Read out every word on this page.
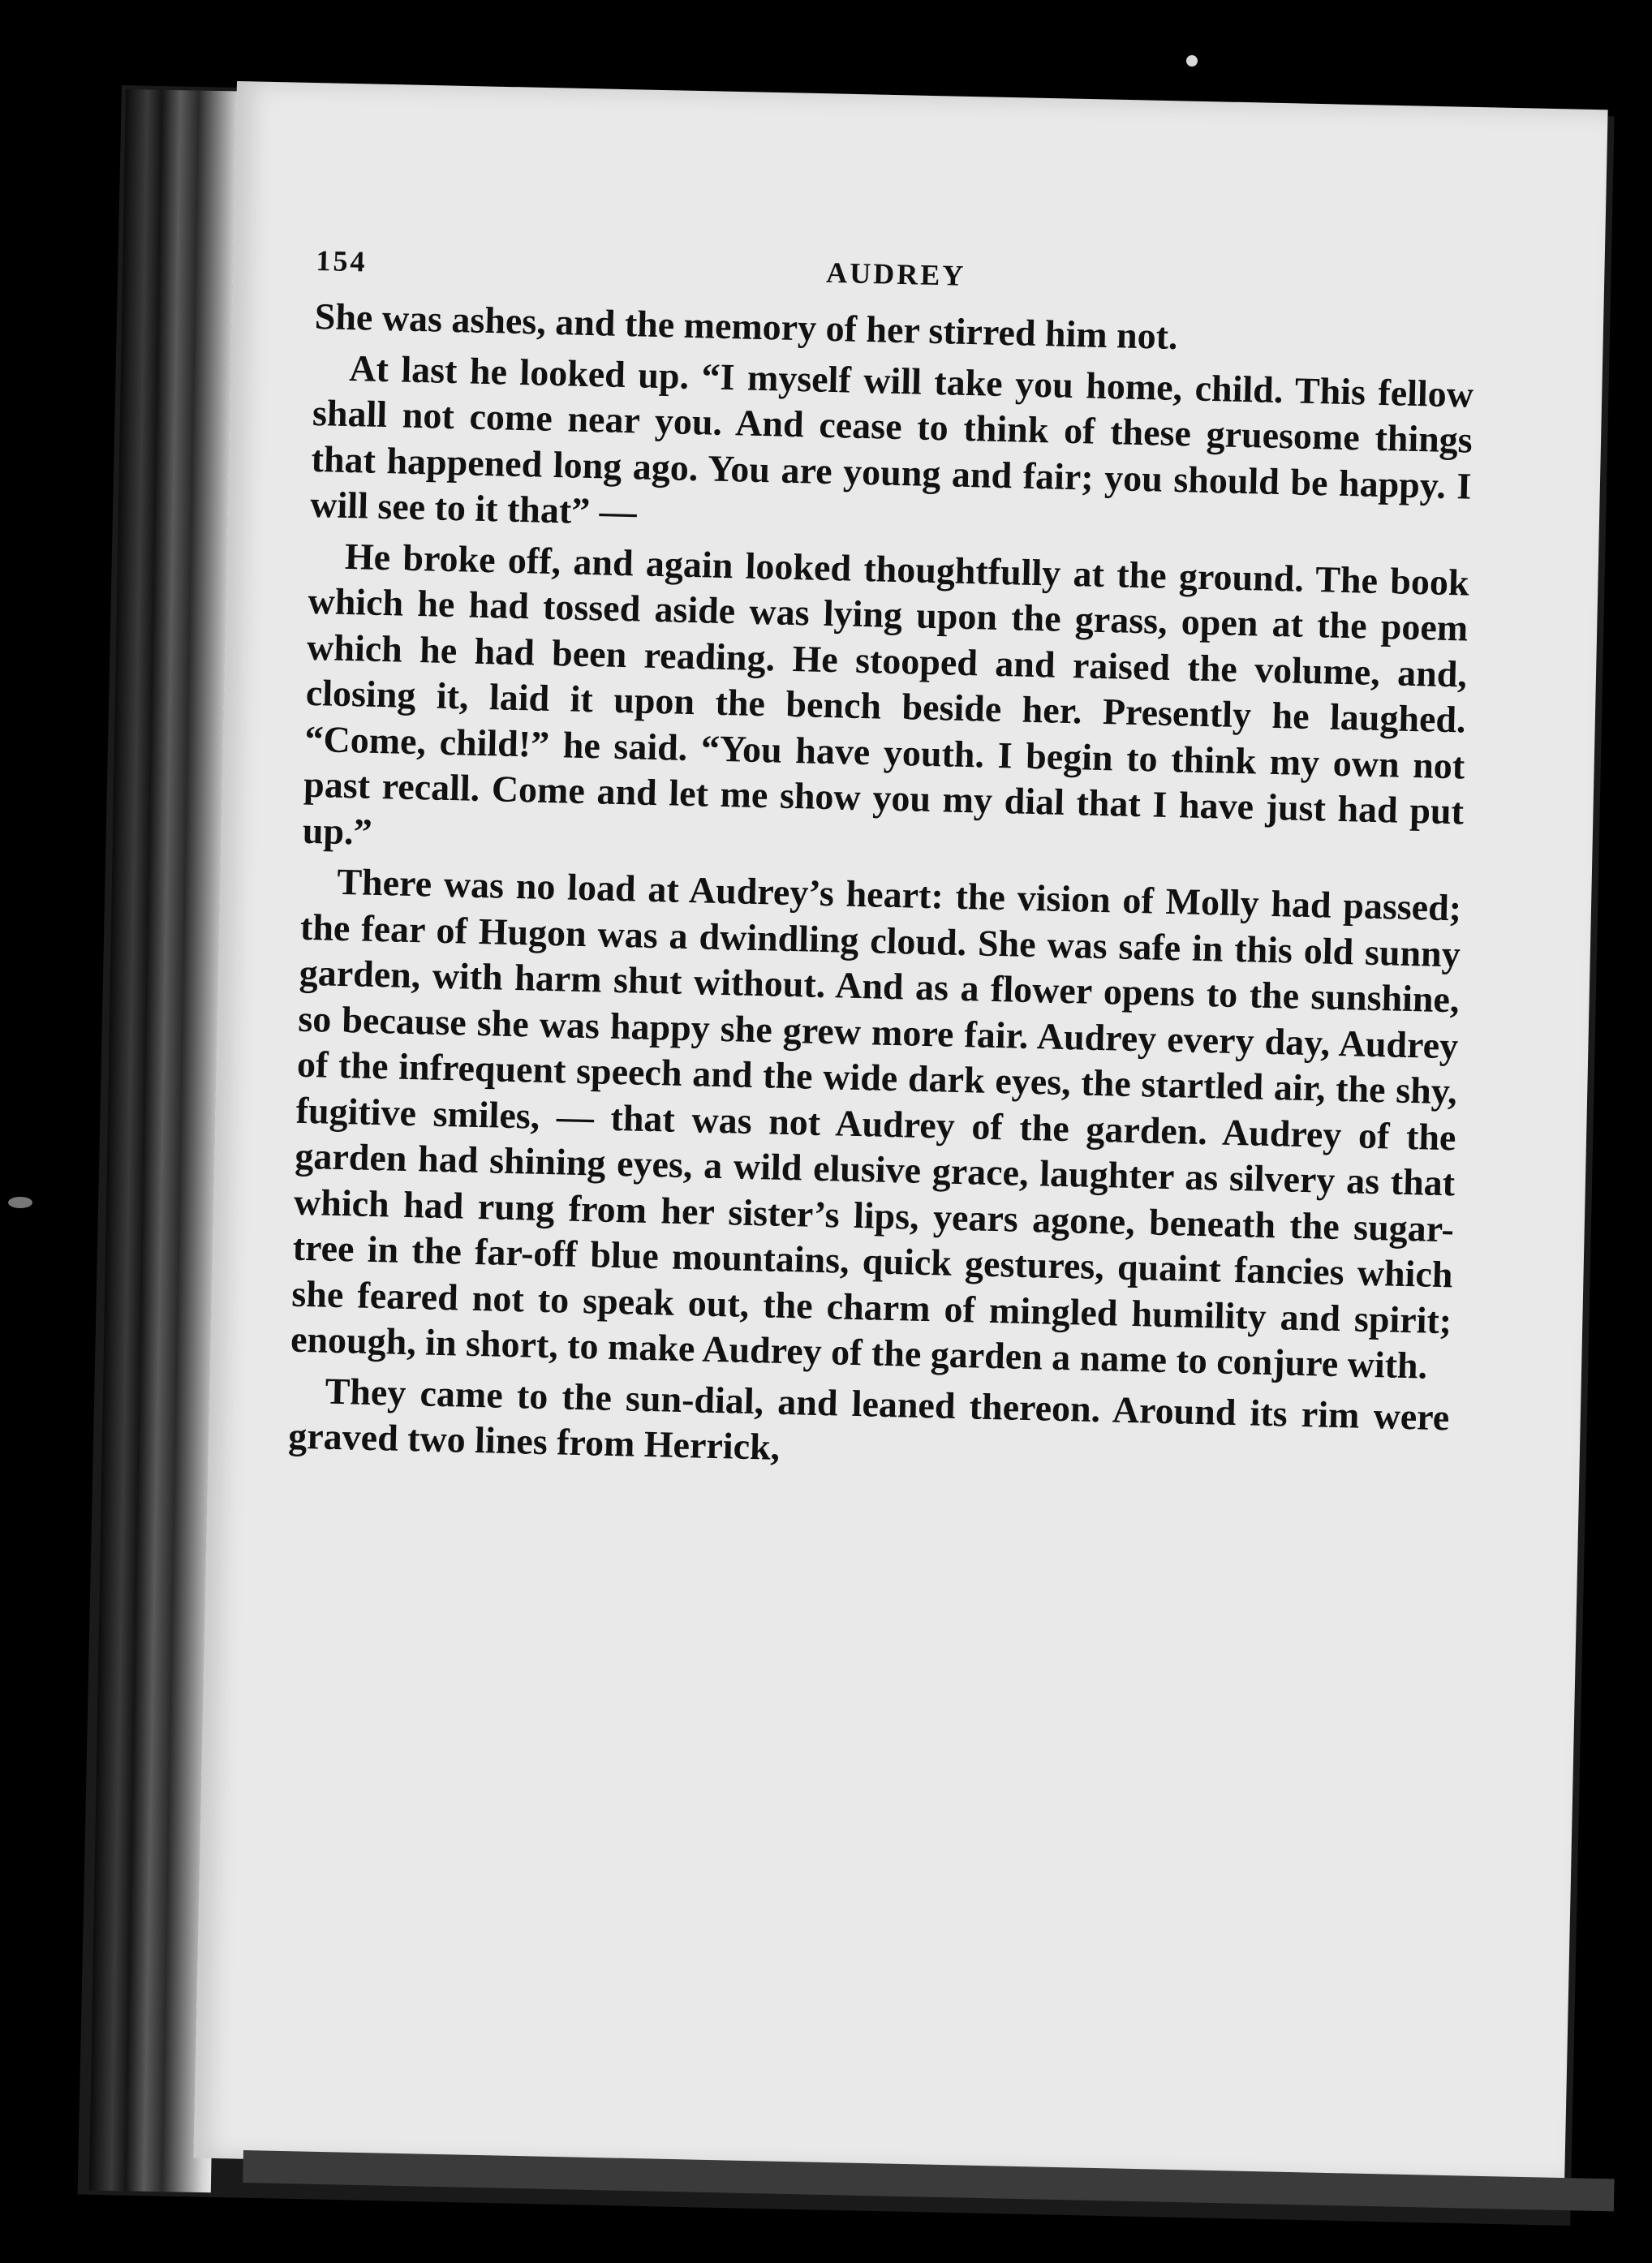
154	AUDREY

She was ashes, and the memory of her stirred him not.

At last he looked up. “I myself will take you home, child. This fellow shall not come near you. And cease to think of these gruesome things that happened long ago. You are young and fair; you should be happy. I will see to it that” —

He broke off, and again looked thoughtfully at the ground. The book which he had tossed aside was lying upon the grass, open at the poem which he had been reading. He stooped and raised the volume, and, closing it, laid it upon the bench beside her. Presently he laughed. “Come, child!” he said. “You have youth. I begin to think my own not past recall. Come and let me show you my dial that I have just had put up.”

There was no load at Audrey’s heart: the vision of Molly had passed; the fear of Hugon was a dwindling cloud. She was safe in this old sunny garden, with harm shut without. And as a flower opens to the sunshine, so because she was happy she grew more fair. Audrey every day, Audrey of the infrequent speech and the wide dark eyes, the startled air, the shy, fugitive smiles, — that was not Audrey of the garden. Audrey of the garden had shining eyes, a wild elusive grace, laughter as silvery as that which had rung from her sister’s lips, years agone, beneath the sugar-tree in the far-off blue mountains, quick gestures, quaint fancies which she feared not to speak out, the charm of mingled humility and spirit; enough, in short, to make Audrey of the garden a name to conjure with.

They came to the sun-dial, and leaned thereon. Around its rim were graved two lines from Herrick,
